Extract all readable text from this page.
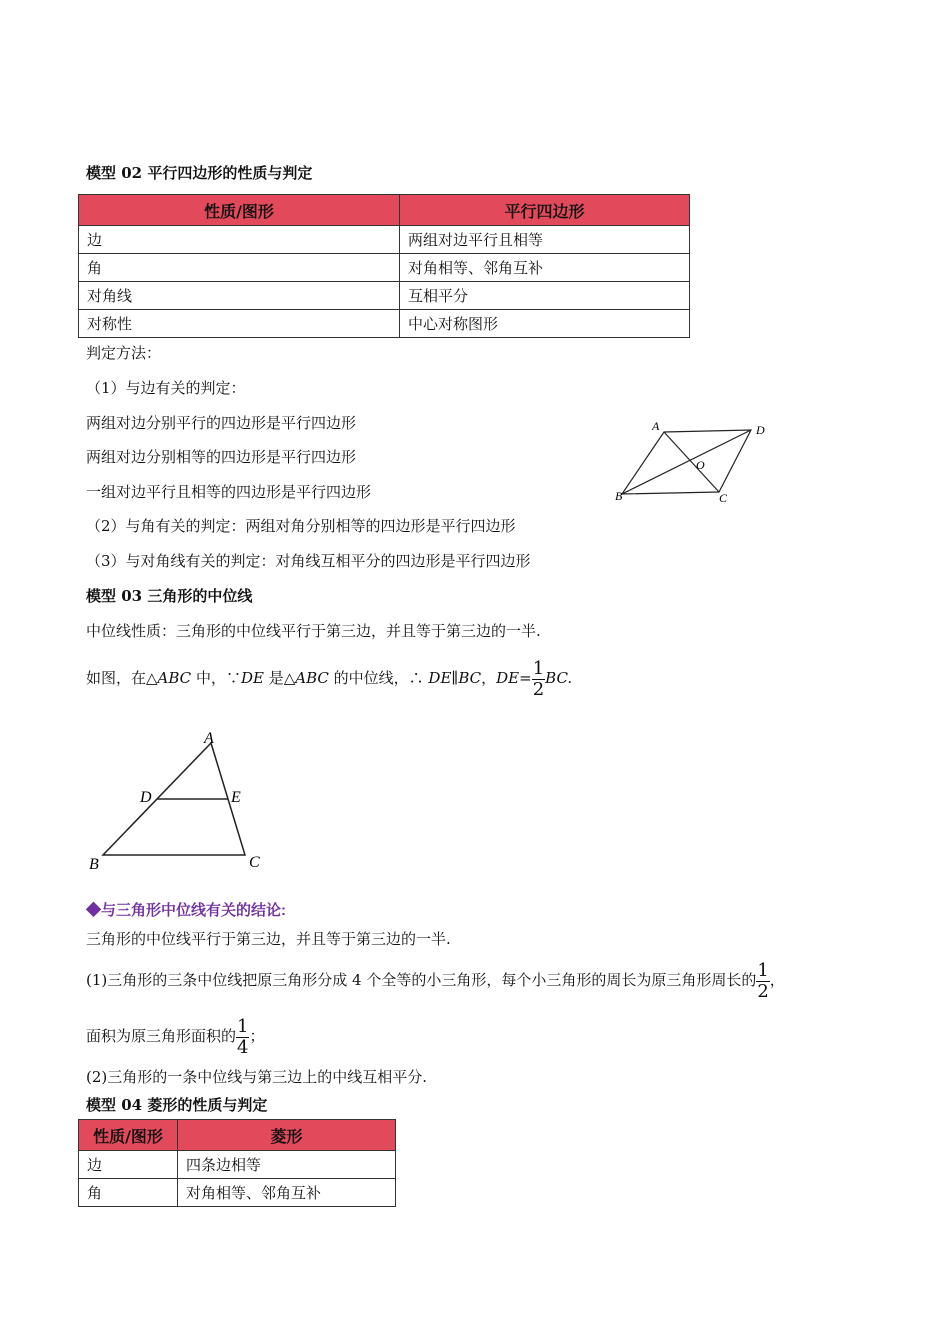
模型 02 平行四边形的性质与判定
性质/图形	平行四边形
边	两组对边平行且相等
角	对角相等、邻角互补
对角线	互相平分
对称性	中心对称图形
判定方法：
（1）与边有关的判定：
两组对边分别平行的四边形是平行四边形
两组对边分别相等的四边形是平行四边形
一组对边平行且相等的四边形是平行四边形
（2）与角有关的判定：两组对角分别相等的四边形是平行四边形
（3）与对角线有关的判定：对角线互相平分的四边形是平行四边形
A	D
O
B	C
模型 03 三角形的中位线
中位线性质：三角形的中位线平行于第三边，并且等于第三边的一半.
如图，在△ABC 中，∵DE 是△ABC 的中位线，∴ DE∥BC，$DE= \frac{1}{2}$ BC.
A
D	E
B	C
◆与三角形中位线有关的结论:
三角形的中位线平行于第三边，并且等于第三边的一半.
(1)三角形的三条中位线把原三角形分成 4 个全等的小三角形，每个小三角形的周长为原三角形周长的 $\frac{1}{2}$ ，
面积为原三角形面积的 $\frac{1}{4}$ ；
(2)三角形的一条中位线与第三边上的中线互相平分.
模型 04 菱形的性质与判定
性质/图形	菱形
边	四条边相等
角	对角相等、邻角互补
